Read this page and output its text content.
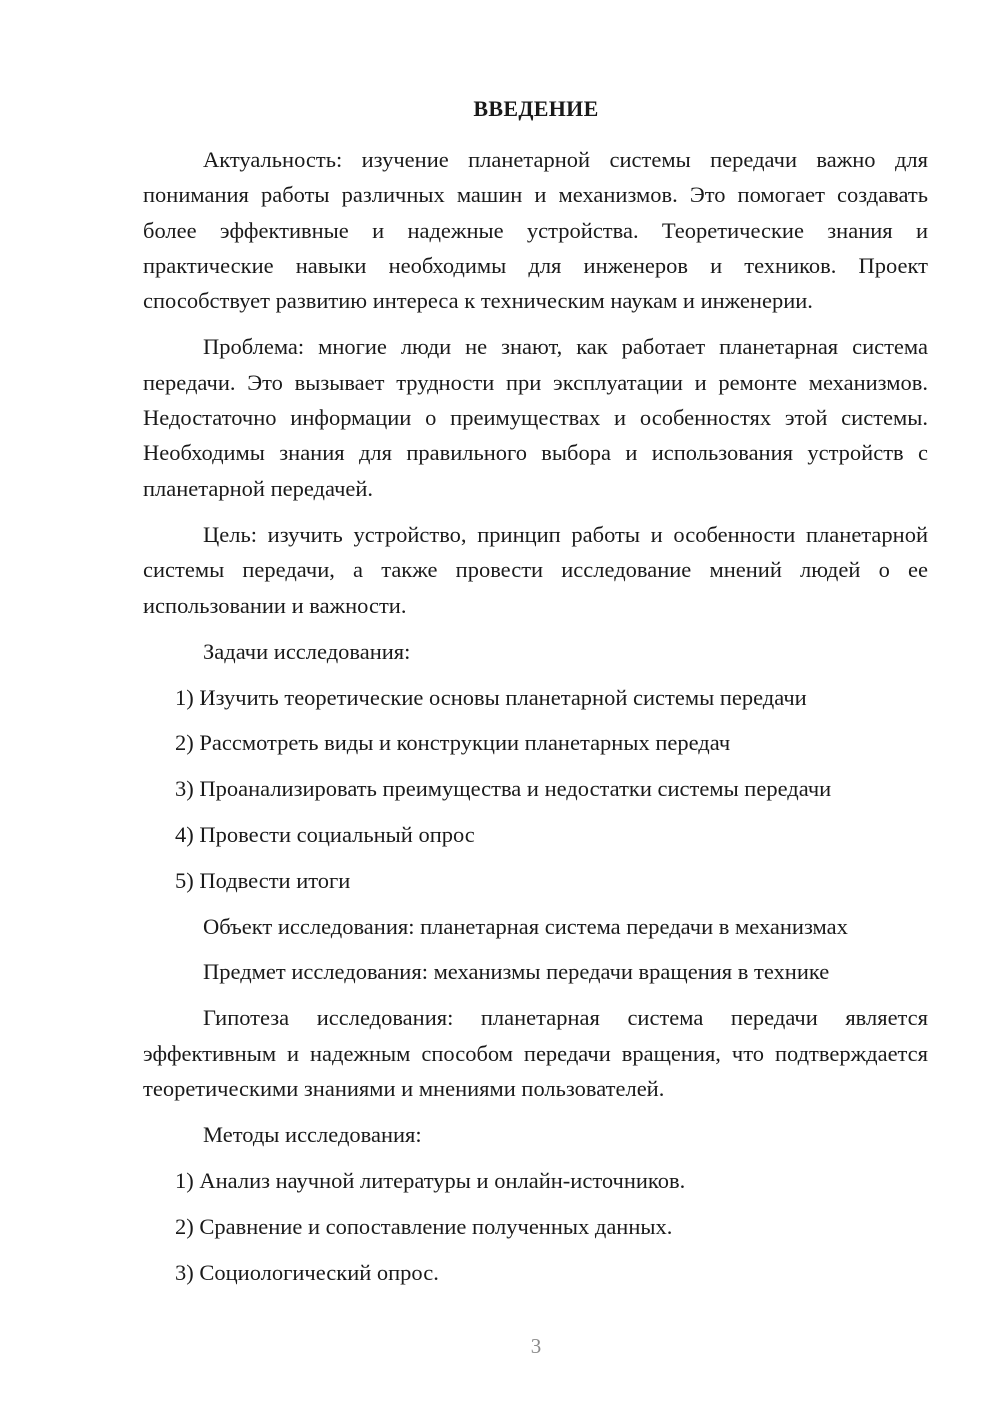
ВВЕДЕНИЕ

Актуальность: изучение планетарной системы передачи важно для понимания работы различных машин и механизмов. Это помогает создавать более эффективные и надежные устройства. Теоретические знания и практические навыки необходимы для инженеров и техников. Проект способствует развитию интереса к техническим наукам и инженерии.

Проблема: многие люди не знают, как работает планетарная система передачи. Это вызывает трудности при эксплуатации и ремонте механизмов. Недостаточно информации о преимуществах и особенностях этой системы. Необходимы знания для правильного выбора и использования устройств с планетарной передачей.

Цель: изучить устройство, принцип работы и особенности планетарной системы передачи, а также провести исследование мнений людей о ее использовании и важности.

Задачи исследования:

1) Изучить теоретические основы планетарной системы передачи

2) Рассмотреть виды и конструкции планетарных передач

3) Проанализировать преимущества и недостатки системы передачи

4) Провести социальный опрос

5) Подвести итоги

Объект исследования: планетарная система передачи в механизмах

Предмет исследования: механизмы передачи вращения в технике

Гипотеза исследования: планетарная система передачи является эффективным и надежным способом передачи вращения, что подтверждается теоретическими знаниями и мнениями пользователей.

Методы исследования:

1) Анализ научной литературы и онлайн-источников.

2) Сравнение и сопоставление полученных данных.

3) Социологический опрос.

3
